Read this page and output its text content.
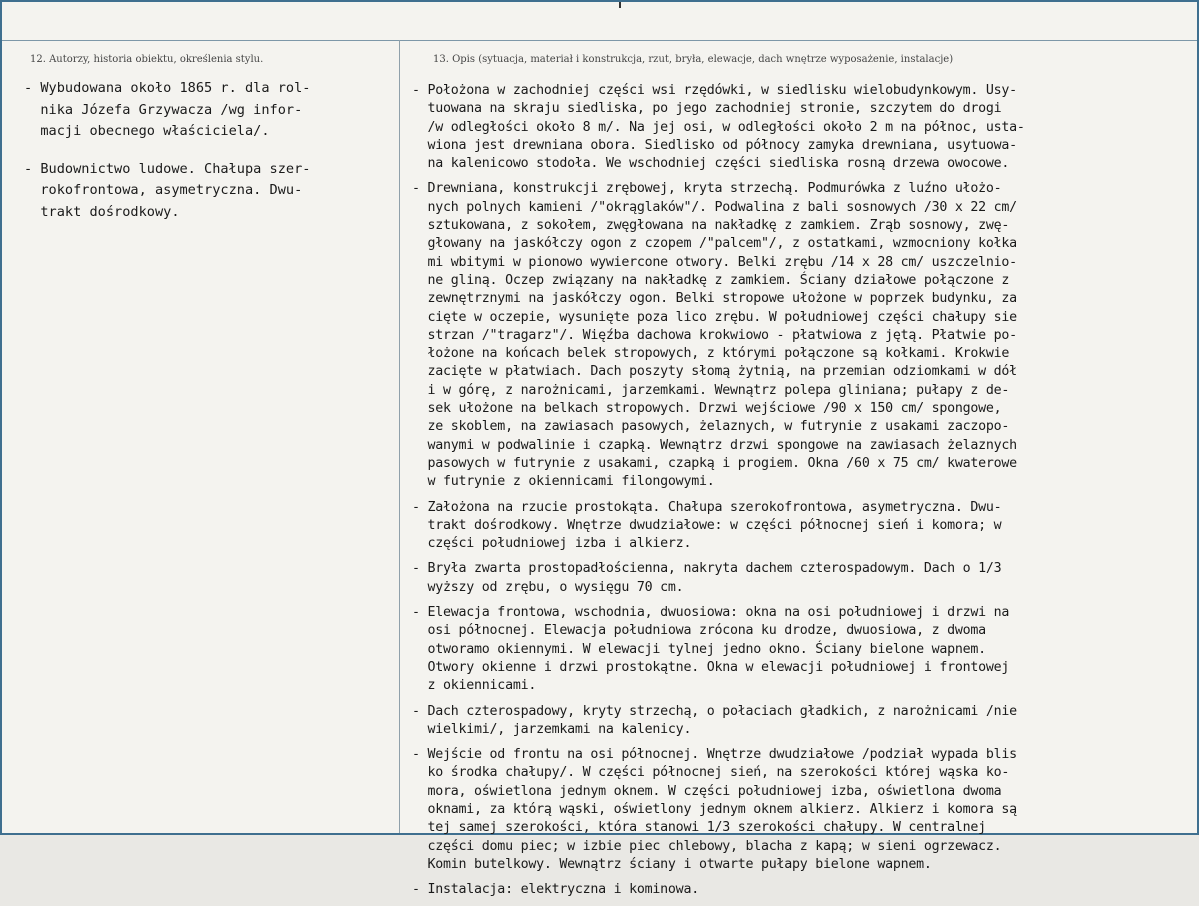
12. Autorzy, historia obiektu, określenia stylu.	13. Opis (sytuacja, materiał i konstrukcja, rzut, bryła, elewacje, dach wnętrze wyposażenie, instalacje)
- Wybudowana około 1865 r. dla rol-
nika Józefa Grzywacza /wg infor-
macji obecnego właściciela/.
- Budownictwo ludowe. Chałupa szer-
rokofrontowa, asymetryczna. Dwu-
trakt dośrodkowy.
- Położona w zachodniej części wsi rzędówki, w siedlisku wielobudynkowym. Usy-
tuowana na skraju siedliska, po jego zachodniej stronie, szczytem do drogi
/w odległości około 8 m/. Na jej osi, w odległości około 2 m na północ, usta-
wiona jest drewniana obora. Siedlisko od północy zamyka drewniana, usytuowa-
na kalenicowo stodoła. We wschodniej części siedliska rosną drzewa owocowe.
- Drewniana, konstrukcji zrębowej, kryta strzechą. Podmurówka z luźno ułożo-
nych polnych kamieni /"okrąglaków"/. Podwalina z bali sosnowych /30 x 22 cm/
sztukowana, z sokołem, zwęgłowana na nakładkę z zamkiem. Zrąb sosnowy, zwę-
głowany na jaskółczy ogon z czopem /"palcem"/, z ostatkami, wzmocniony kołka
mi wbitymi w pionowo wywiercone otwory. Belki zrębu /14 x 28 cm/ uszczelnio-
ne gliną. Oczep związany na nakładkę z zamkiem. Ściany działowe połączone z
zewnętrznymi na jaskółczy ogon. Belki stropowe ułożone w poprzek budynku, za
cięte w oczepie, wysunięte poza lico zrębu. W południowej części chałupy sie
strzan /"tragarz"/. Więźba dachowa krokwiowo - płatwiowa z jętą. Płatwie po-
łożone na końcach belek stropowych, z którymi połączone są kołkami. Krokwie
zacięte w płatwiach. Dach poszyty słomą żytnią, na przemian odziomkami w dół
i w górę, z narożnicami, jarzemkami. Wewnątrz polepa gliniana; pułapy z de-
sek ułożone na belkach stropowych. Drzwi wejściowe /90 x 150 cm/ spongowe,
ze skoblem, na zawiasach pasowych, żelaznych, w futrynie z usakami zaczopo-
wanymi w podwalinie i czapką. Wewnątrz drzwi spongowe na zawiasach żelaznych
pasowych w futrynie z usakami, czapką i progiem. Okna /60 x 75 cm/ kwaterowe
w futrynie z okiennicami filongowymi.
- Założona na rzucie prostokąta. Chałupa szerokofrontowa, asymetryczna. Dwu-
trakt dośrodkowy. Wnętrze dwudziałowe: w części północnej sień i komora; w
części południowej izba i alkierz.
- Bryła zwarta prostopadłościenna, nakryta dachem czterospadowym. Dach o 1/3
wyższy od zrębu, o wysięgu 70 cm.
- Elewacja frontowa, wschodnia, dwuosiowa: okna na osi południowej i drzwi na
osi północnej. Elewacja południowa zrócona ku drodze, dwuosiowa, z dwoma
otworamo okiennymi. W elewacji tylnej jedno okno. Ściany bielone wapnem.
Otwory okienne i drzwi prostokątne. Okna w elewacji południowej i frontowej
z okiennicami.
- Dach czterospadowy, kryty strzechą, o połaciach gładkich, z narożnicami /nie
wielkimi/, jarzemkami na kalenicy.
- Wejście od frontu na osi północnej. Wnętrze dwudziałowe /podział wypada blis
ko środka chałupy/. W części północnej sień, na szerokości której wąska ko-
mora, oświetlona jednym oknem. W części południowej izba, oświetlona dwoma
oknami, za którą wąski, oświetlony jednym oknem alkierz. Alkierz i komora są
tej samej szerokości, która stanowi 1/3 szerokości chałupy. W centralnej
części domu piec; w izbie piec chlebowy, blacha z kapą; w sieni ogrzewacz.
Komin butelkowy. Wewnątrz ściany i otwarte pułapy bielone wapnem.
- Instalacja: elektryczna i kominowa.
